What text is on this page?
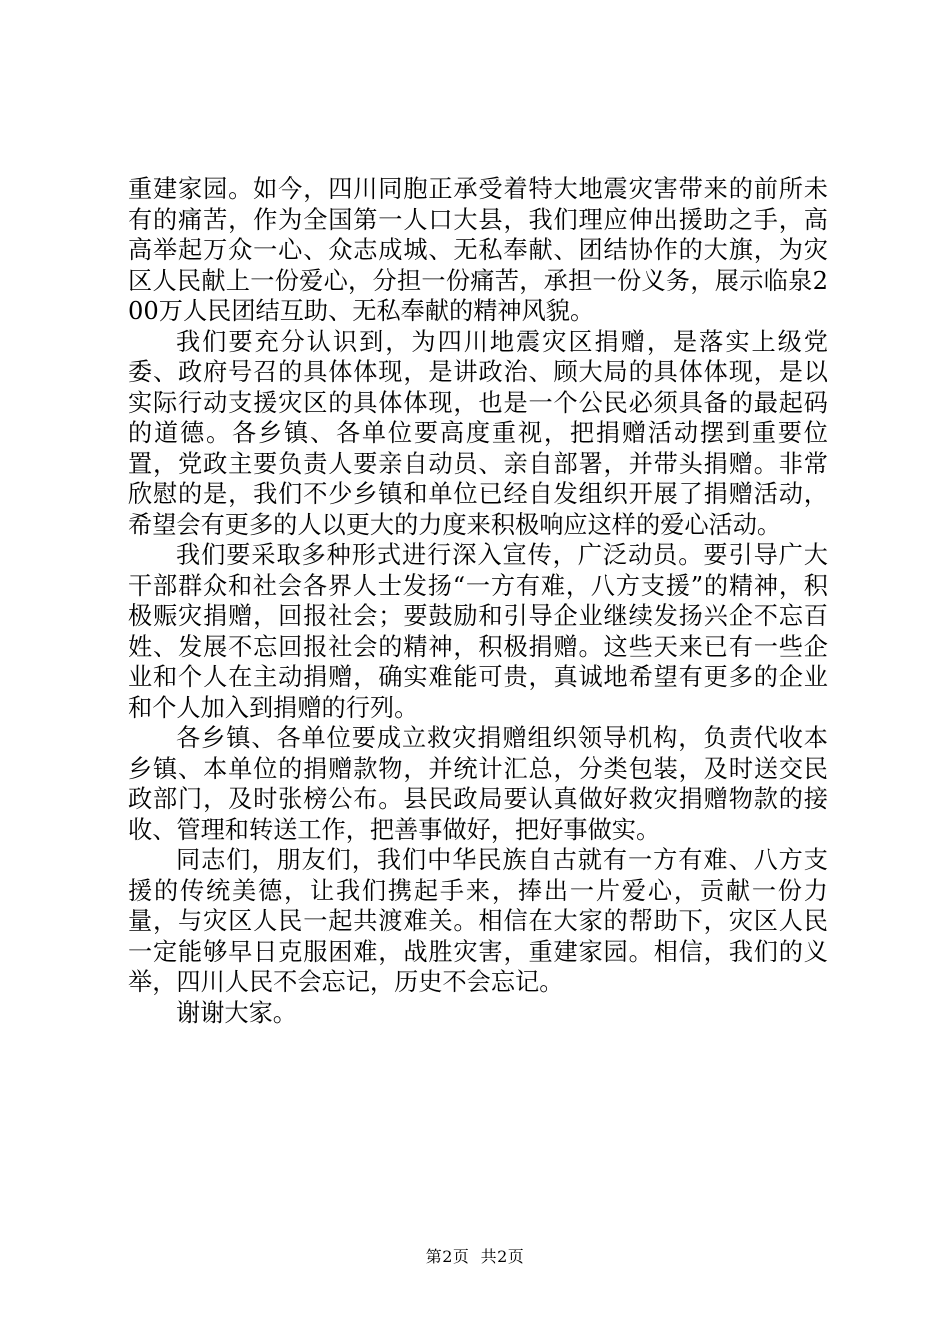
重建家园。如今，四川同胞正承受着特大地震灾害带来的前所未有的痛苦，作为全国第一人口大县，我们理应伸出援助之手，高高举起万众一心、众志成城、无私奉献、团结协作的大旗，为灾区人民献上一份爱心，分担一份痛苦，承担一份义务，展示临泉200万人民团结互助、无私奉献的精神风貌。

我们要充分认识到，为四川地震灾区捐赠，是落实上级党委、政府号召的具体体现，是讲政治、顾大局的具体体现，是以实际行动支援灾区的具体体现，也是一个公民必须具备的最起码的道德。各乡镇、各单位要高度重视，把捐赠活动摆到重要位置，党政主要负责人要亲自动员、亲自部署，并带头捐赠。非常欣慰的是，我们不少乡镇和单位已经自发组织开展了捐赠活动，希望会有更多的人以更大的力度来积极响应这样的爱心活动。

我们要采取多种形式进行深入宣传，广泛动员。要引导广大干部群众和社会各界人士发扬“一方有难，八方支援”的精神，积极赈灾捐赠，回报社会；要鼓励和引导企业继续发扬兴企不忘百姓、发展不忘回报社会的精神，积极捐赠。这些天来已有一些企业和个人在主动捐赠，确实难能可贵，真诚地希望有更多的企业和个人加入到捐赠的行列。

各乡镇、各单位要成立救灾捐赠组织领导机构，负责代收本乡镇、本单位的捐赠款物，并统计汇总，分类包装，及时送交民政部门，及时张榜公布。县民政局要认真做好救灾捐赠物款的接收、管理和转送工作，把善事做好，把好事做实。

同志们，朋友们，我们中华民族自古就有一方有难、八方支援的传统美德，让我们携起手来，捧出一片爱心，贡献一份力量，与灾区人民一起共渡难关。相信在大家的帮助下，灾区人民一定能够早日克服困难，战胜灾害，重建家园。相信，我们的义举，四川人民不会忘记，历史不会忘记。

谢谢大家。

第2页 共2页
